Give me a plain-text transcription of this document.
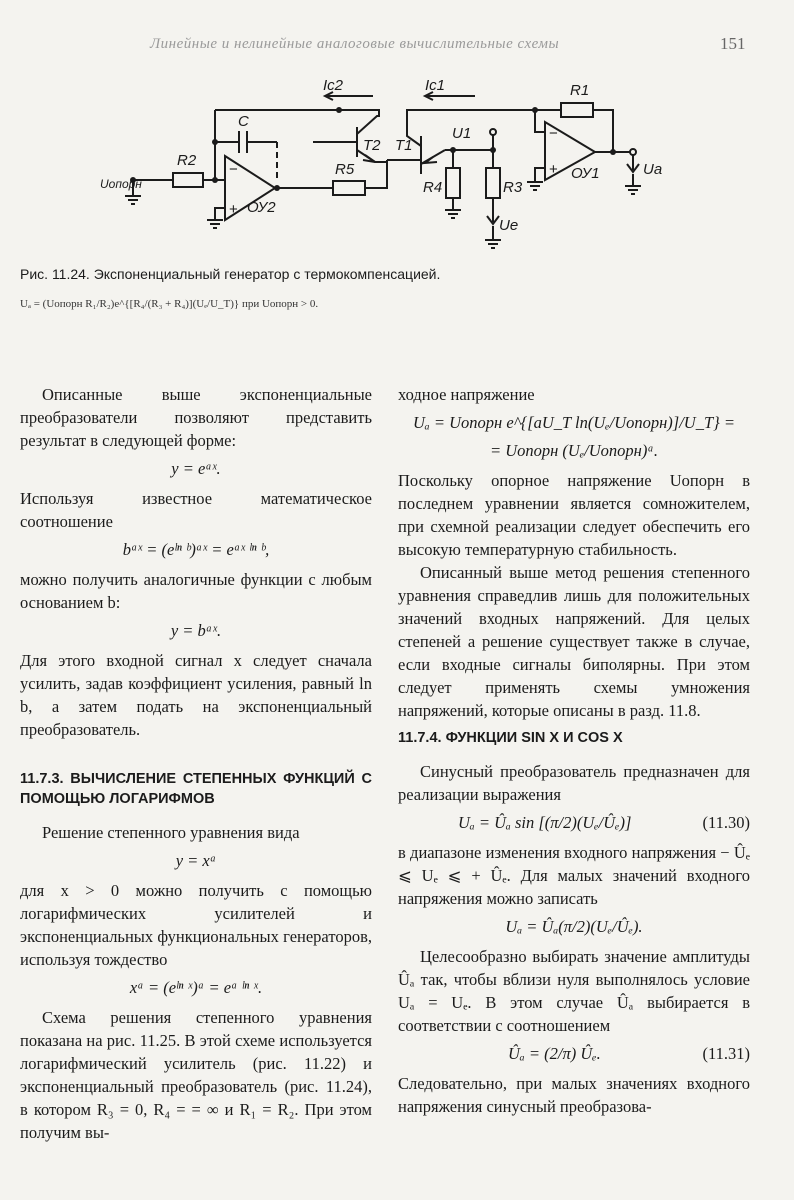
Линейные и нелинейные аналоговые вычислительные схемы	151
Ic2
C
Ic1	R1
R2
R5
T2 T1
U1
R4	R3
Uопорн
ОУ2
ОУ1	Ua
Ue
−
+
−
+
Рис. 11.24. Экспоненциальный генератор с термокомпенсацией.
Uₐ = (Uопорн R₁/R₂)e^{[R₄/(R₃ + R₄)](Uₑ/U_T)} при Uопорн > 0.

Описанные выше экспоненциальные преобразователи позволяют представить результат в следующей форме:

y = eᵃˣ.

Используя известное математическое соотношение

bᵃˣ = (eˡⁿ ᵇ)ᵃˣ = eᵃˣ ˡⁿ ᵇ,

можно получить аналогичные функции с любым основанием b:

y = bᵃˣ.

Для этого входной сигнал x следует сначала усилить, задав коэффициент усиления, равный ln b, а затем подать на экспоненциальный преобразователь.

11.7.3. ВЫЧИСЛЕНИЕ СТЕПЕННЫХ ФУНКЦИЙ С ПОМОЩЬЮ ЛОГАРИФМОВ

Решение степенного уравнения вида

y = xᵃ

для x > 0 можно получить с помощью логарифмических усилителей и экспоненциальных функциональных генераторов, используя тождество

xᵃ = (eˡⁿ ˣ)ᵃ = eᵃ ˡⁿ ˣ.

Схема решения степенного уравнения показана на рис. 11.25. В этой схеме используется логарифмический усилитель (рис. 11.22) и экспоненциальный преобразователь (рис. 11.24), в котором R₃ = 0, R₄ = = ∞ и R₁ = R₂. При этом получим вы-

ходное напряжение

Uₐ = Uопорн e^{[aU_T ln(Uₑ/Uопорн)]/U_T} =
= Uопорн (Uₑ/Uопорн)ᵃ.

Поскольку опорное напряжение Uопорн в последнем уравнении является сомножителем, при схемной реализации следует обеспечить его высокую температурную стабильность.

Описанный выше метод решения степенного уравнения справедлив лишь для положительных значений входных напряжений. Для целых степеней a решение существует также в случае, если входные сигналы биполярны. При этом следует применять схемы умножения напряжений, которые описаны в разд. 11.8.

11.7.4. ФУНКЦИИ SIN X И COS X

Синусный преобразователь предназначен для реализации выражения

Uₐ = Ûₐ sin [(π/2)(Uₑ/Ûₑ)]	(11.30)

в диапазоне изменения входного напряжения − Ûₑ ⩽ Uₑ ⩽ + Ûₑ. Для малых значений входного напряжения можно записать

Uₐ = Ûₐ(π/2)(Uₑ/Ûₑ).

Целесообразно выбирать значение амплитуды Ûₐ так, чтобы вблизи нуля выполнялось условие Uₐ = Uₑ. В этом случае Ûₐ выбирается в соответствии с соотношением

Ûₐ = (2/π) Ûₑ.	(11.31)

Следовательно, при малых значениях входного напряжения синусный преобразова-
